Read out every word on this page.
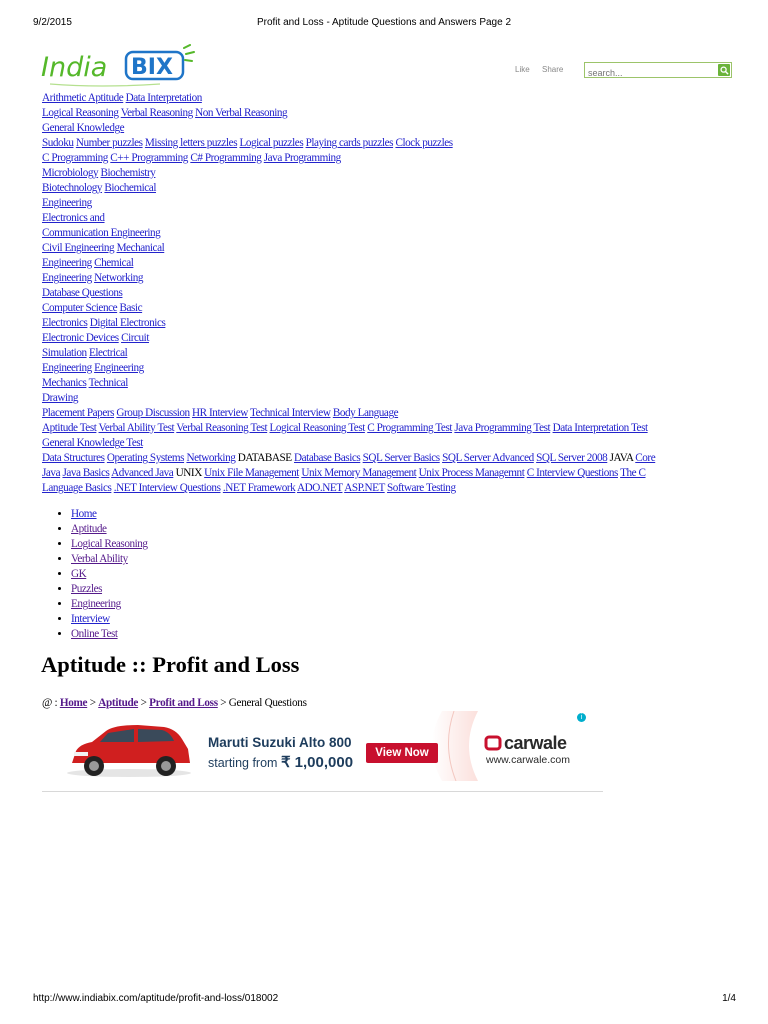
9/2/2015	Profit and Loss - Aptitude Questions and Answers Page 2
India BIX	Like Share
search...
Arithmetic Aptitude Data Interpretation
Logical Reasoning Verbal Reasoning Non Verbal Reasoning
General Knowledge
Sudoku Number puzzles Missing letters puzzles Logical puzzles Playing cards puzzles Clock puzzles
C Programming C++ Programming C# Programming Java Programming
Microbiology Biochemistry
Biotechnology Biochemical
Engineering
Electronics and
Communication Engineering
Civil Engineering Mechanical
Engineering Chemical
Engineering Networking
Database Questions
Computer Science Basic
Electronics Digital Electronics
Electronic Devices Circuit
Simulation Electrical
Engineering Engineering
Mechanics Technical
Drawing
Placement Papers Group Discussion HR Interview Technical Interview Body Language
Aptitude Test Verbal Ability Test Verbal Reasoning Test Logical Reasoning Test C Programming Test Java Programming Test Data Interpretation Test
General Knowledge Test
Data Structures Operating Systems Networking DATABASE Database Basics SQL Server Basics SQL Server Advanced SQL Server 2008 JAVA Core
Java Java Basics Advanced Java UNIX Unix File Management Unix Memory Management Unix Process Managemnt C Interview Questions The C
Language Basics .NET Interview Questions .NET Framework ADO.NET ASP.NET Software Testing
• Home
• Aptitude
• Logical Reasoning
• Verbal Ability
• GK
• Puzzles
• Engineering
• Interview
• Online Test
Aptitude :: Profit and Loss
@ : Home > Aptitude > Profit and Loss > General Questions
Maruti Suzuki Alto 800
starting from ₹ 1,00,000
View Now	carwale
www.carwale.com
i
http://www.indiabix.com/aptitude/profit-and-loss/018002	1/4
